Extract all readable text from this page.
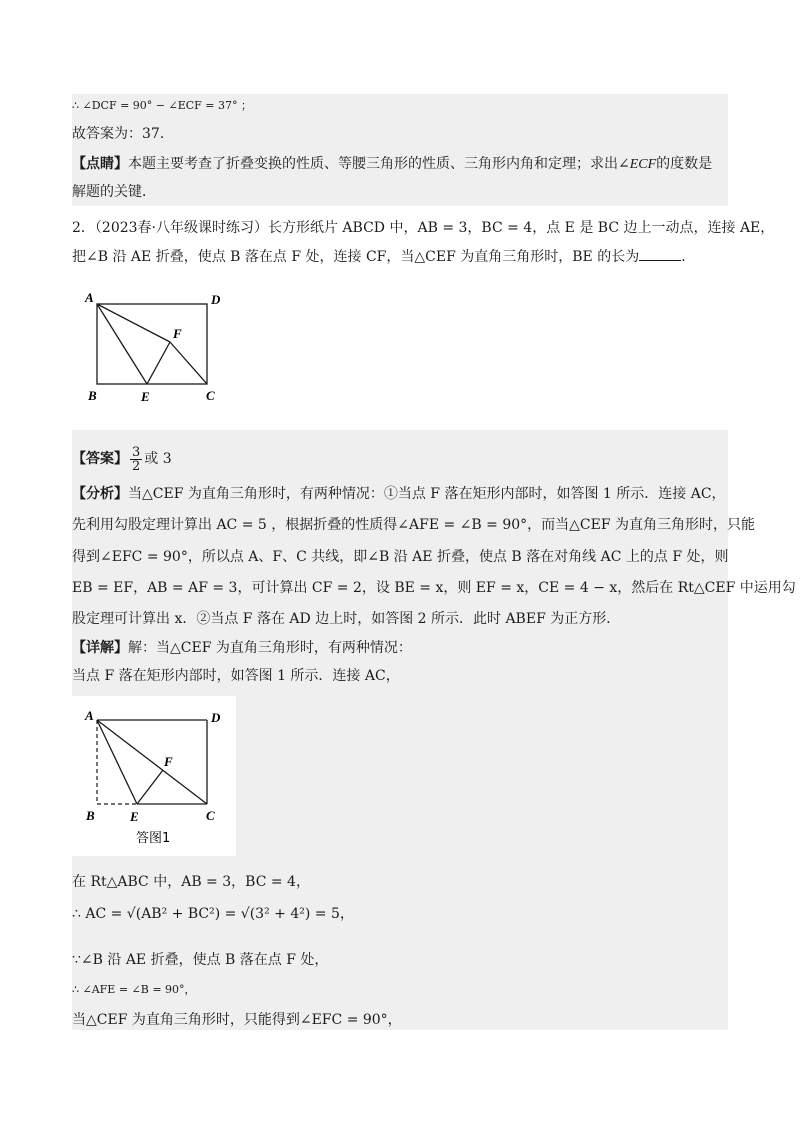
∴ ∠DCF = 90° − ∠ECF = 37° ；
故答案为：37．
【点睛】本题主要考查了折叠变换的性质、等腰三角形的性质、三角形内角和定理；求出∠ECF的度数是
解题的关键．
2．（2023春·八年级课时练习）长方形纸片 ABCD 中，AB = 3，BC = 4，点 E 是 BC 边上一动点，连接 AE，
把∠B 沿 AE 折叠，使点 B 落在点 F 处，连接 CF，当△CEF 为直角三角形时，BE 的长为	．
A	D
F
B	E	C
【答案】 $\frac{3}{2}$ 或 3
【分析】当△CEF 为直角三角形时，有两种情况：①当点 F 落在矩形内部时，如答图 1 所示．连接 AC，
先利用勾股定理计算出 AC = 5 ，根据折叠的性质得∠AFE = ∠B = 90°，而当△CEF 为直角三角形时，只能
得到∠EFC = 90°，所以点 A、F、C 共线，即∠B 沿 AE 折叠，使点 B 落在对角线 AC 上的点 F 处，则
EB = EF，AB = AF = 3，可计算出 CF = 2，设 BE = x，则 EF = x，CE = 4 − x，然后在 Rt△CEF 中运用勾
股定理可计算出 x．②当点 F 落在 AD 边上时，如答图 2 所示．此时 ABEF 为正方形．
【详解】解：当△CEF 为直角三角形时，有两种情况：
当点 F 落在矩形内部时，如答图 1 所示．连接 AC，
A	D
F
B	E	C
答图1
在 Rt△ABC 中，AB = 3，BC = 4，
∴ AC = √(AB² + BC²) = √(3² + 4²) = 5，
∵∠B 沿 AE 折叠，使点 B 落在点 F 处，
∴ ∠AFE = ∠B = 90°，
当△CEF 为直角三角形时，只能得到∠EFC = 90°，
